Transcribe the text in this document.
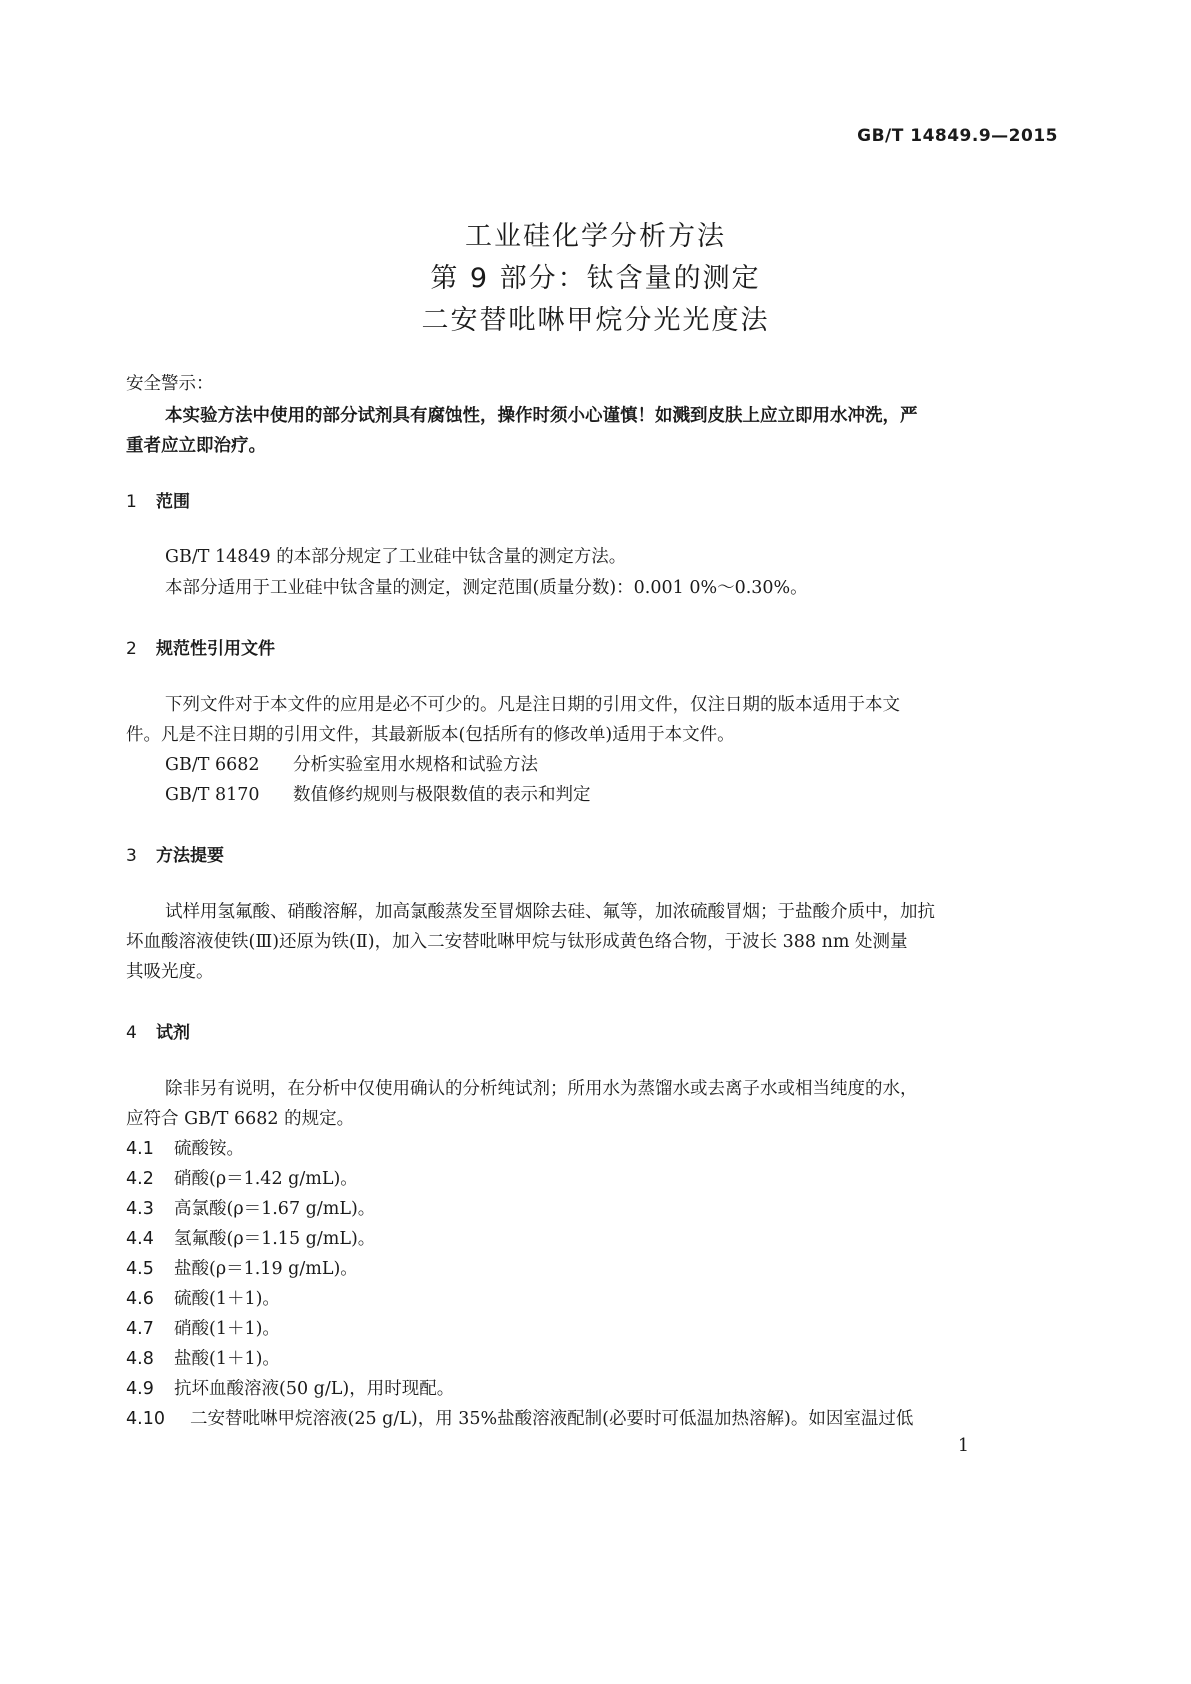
GB/T 14849.9—2015
工业硅化学分析方法
第 9 部分：钛含量的测定
二安替吡啉甲烷分光光度法
安全警示：
本实验方法中使用的部分试剂具有腐蚀性，操作时须小心谨慎！如溅到皮肤上应立即用水冲洗，严
重者应立即治疗。
1 范围
GB/T 14849 的本部分规定了工业硅中钛含量的测定方法。
本部分适用于工业硅中钛含量的测定，测定范围(质量分数)：0.001 0%～0.30%。
2 规范性引用文件
下列文件对于本文件的应用是必不可少的。凡是注日期的引用文件，仅注日期的版本适用于本文
件。凡是不注日期的引用文件，其最新版本(包括所有的修改单)适用于本文件。
GB/T 6682 分析实验室用水规格和试验方法
GB/T 8170 数值修约规则与极限数值的表示和判定
3 方法提要
试样用氢氟酸、硝酸溶解，加高氯酸蒸发至冒烟除去硅、氟等，加浓硫酸冒烟；于盐酸介质中，加抗
坏血酸溶液使铁(Ⅲ)还原为铁(Ⅱ)，加入二安替吡啉甲烷与钛形成黄色络合物，于波长 388 nm 处测量
其吸光度。
4 试剂
除非另有说明，在分析中仅使用确认的分析纯试剂；所用水为蒸馏水或去离子水或相当纯度的水，
应符合 GB/T 6682 的规定。
4.1 硫酸铵。
4.2 硝酸(ρ＝1.42 g/mL)。
4.3 高氯酸(ρ＝1.67 g/mL)。
4.4 氢氟酸(ρ＝1.15 g/mL)。
4.5 盐酸(ρ＝1.19 g/mL)。
4.6 硫酸(1＋1)。
4.7 硝酸(1＋1)。
4.8 盐酸(1＋1)。
4.9 抗坏血酸溶液(50 g/L)，用时现配。
4.10 二安替吡啉甲烷溶液(25 g/L)，用 35%盐酸溶液配制(必要时可低温加热溶解)。如因室温过低
1
